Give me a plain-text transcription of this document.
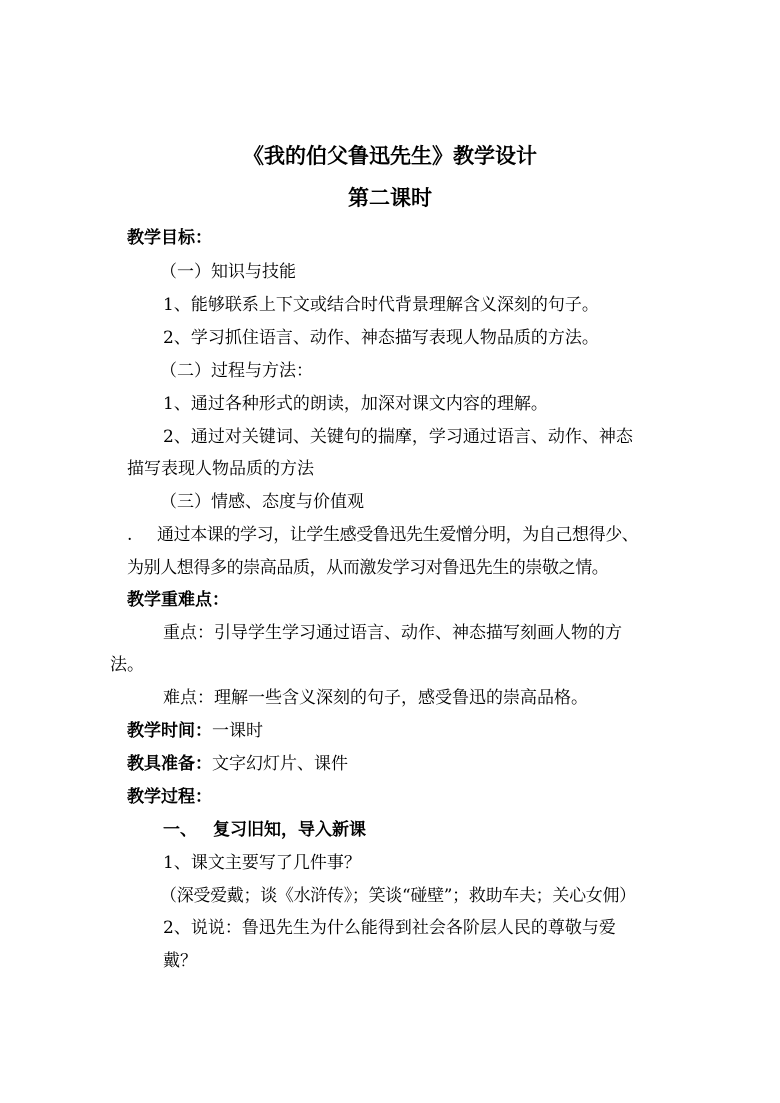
《我的伯父鲁迅先生》教学设计
第二课时
教学目标：
（一）知识与技能
1、能够联系上下文或结合时代背景理解含义深刻的句子。
2、学习抓住语言、动作、神态描写表现人物品质的方法。
（二）过程与方法：
1、通过各种形式的朗读，加深对课文内容的理解。
2、通过对关键词、关键句的揣摩，学习通过语言、动作、神态
描写表现人物品质的方法
（三）情感、态度与价值观
. 通过本课的学习，让学生感受鲁迅先生爱憎分明，为自己想得少、
为别人想得多的崇高品质，从而激发学习对鲁迅先生的崇敬之情。
教学重难点：
重点：引导学生学习通过语言、动作、神态描写刻画人物的方
法。
难点：理解一些含义深刻的句子，感受鲁迅的崇高品格。
教学时间：一课时
教具准备：文字幻灯片、课件
教学过程：
一、 复习旧知，导入新课
1、课文主要写了几件事？
（深受爱戴；谈《水浒传》；笑谈“碰壁”；救助车夫；关心女佣）
2、说说：鲁迅先生为什么能得到社会各阶层人民的尊敬与爱
戴？
